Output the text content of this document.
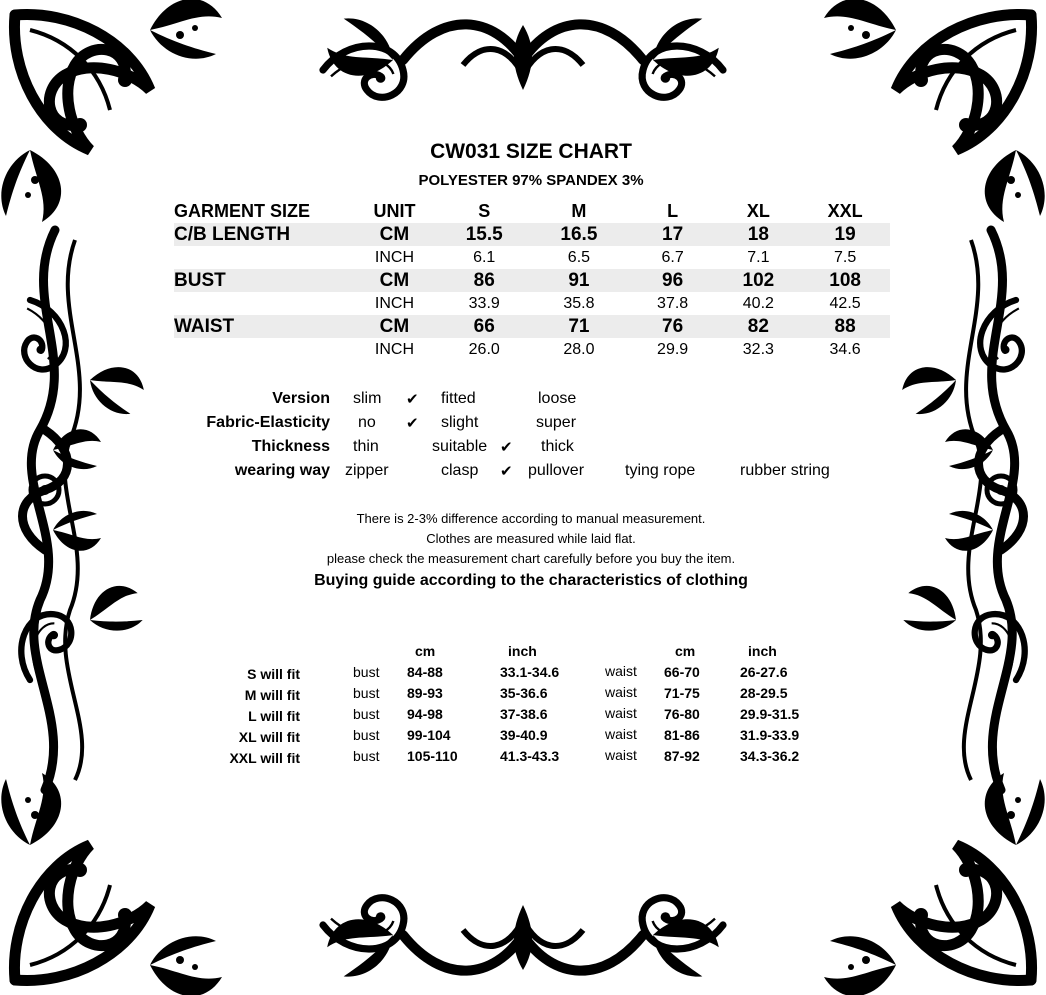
CW031 SIZE CHART
POLYESTER 97% SPANDEX 3%
GARMENT SIZE	UNIT	S	M	L	XL	XXL
C/B LENGTH	CM	15.5	16.5	17	18	19
	INCH	6.1	6.5	6.7	7.1	7.5
BUST	CM	86	91	96	102	108
	INCH	33.9	35.8	37.8	40.2	42.5
WAIST	CM	66	71	76	82	88
	INCH	26.0	28.0	29.9	32.3	34.6
Version slim ✔ fitted	loose
Fabric-Elasticity no ✔ slight	super
Thickness thin	suitable ✔ thick
wearing way zipper	clasp ✔ pullover	tying rope	rubber string
There is 2-3% difference according to manual measurement.
Clothes are measured while laid flat.
please check the measurement chart carefully before you buy the item.
Buying guide according to the characteristics of clothing
cm	inch	cm	inch
S will fit	bust 84-88	33.1-34.6	waist 66-70	26-27.6
M will fit	bust 89-93	35-36.6	waist 71-75	28-29.5
L will fit	bust 94-98	37-38.6	waist 76-80	29.9-31.5
XL will fit	bust 99-104	39-40.9	waist 81-86	31.9-33.9
XXL will fit	bust 105-110	41.3-43.3	waist 87-92	34.3-36.2
